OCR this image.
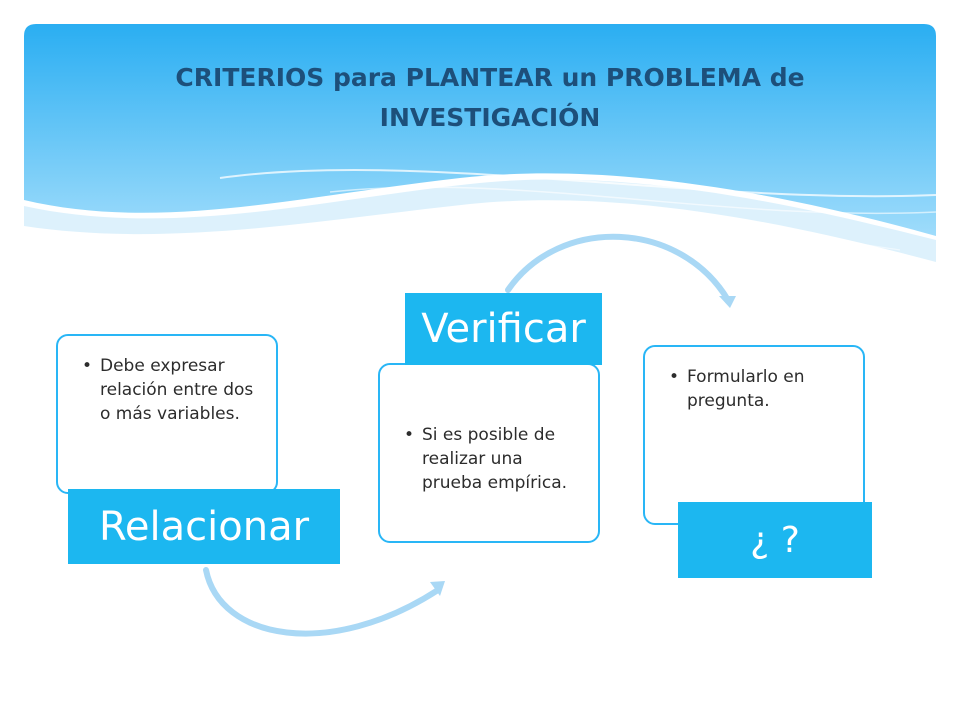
CRITERIOS para PLANTEAR un PROBLEMA de INVESTIGACIÓN
• Debe expresar relación entre dos o más variables.
Relacionar
• Si es posible de realizar una prueba empírica.
Verificar
• Formularlo en pregunta.
¿ ?
